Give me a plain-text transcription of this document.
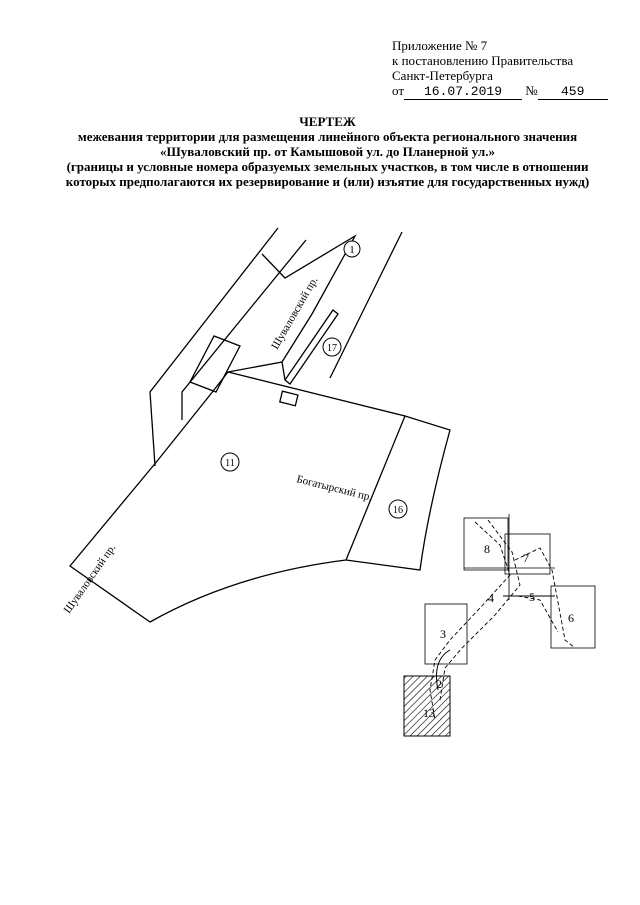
Приложение № 7
к постановлению Правительства
Санкт-Петербурга
от 16.07.2019 № 459
ЧЕРТЕЖ
межевания территории для размещения линейного объекта регионального значения
«Шуваловский пр. от Камышовой ул. до Планерной ул.»
(границы и условные номера образуемых земельных участков, в том числе в отношении
которых предполагаются их резервирование и (или) изъятие для государственных нужд)
1
17
11
16
Шуваловский пр.
Шуваловский пр.
Богатырский пр.
8
7
4	5
6
3
2
13
